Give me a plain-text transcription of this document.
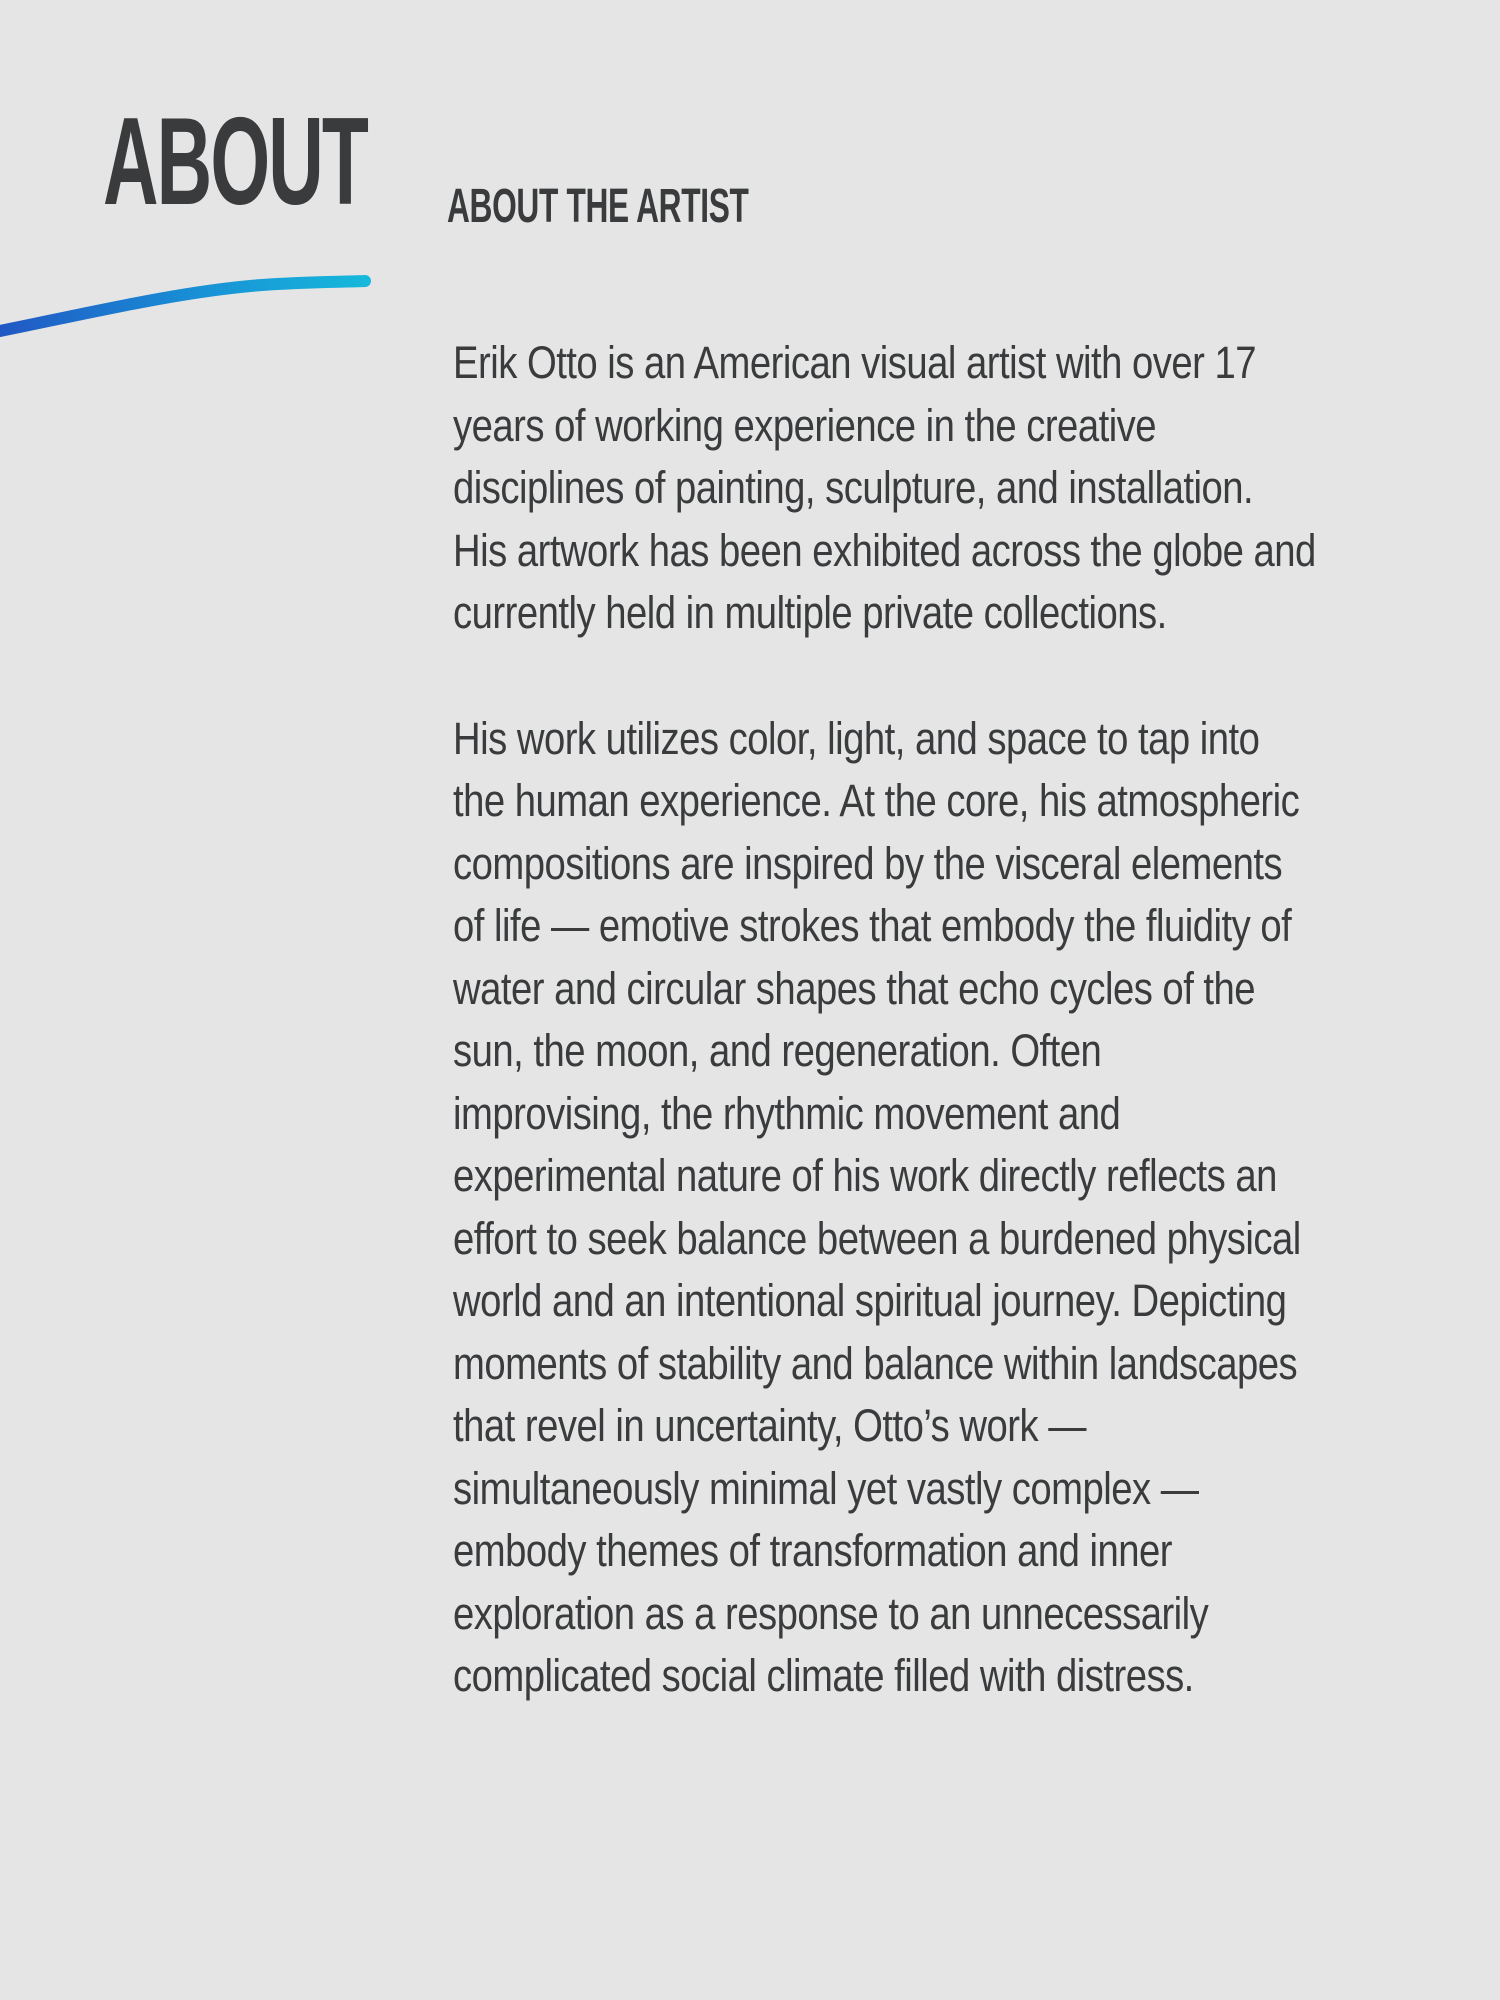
ABOUT ABOUT THE ARTIST

Erik Otto is an American visual artist with over 17
years of working experience in the creative
disciplines of painting, sculpture, and installation.
His artwork has been exhibited across the globe and
currently held in multiple private collections.

His work utilizes color, light, and space to tap into
the human experience. At the core, his atmospheric
compositions are inspired by the visceral elements
of life — emotive strokes that embody the fluidity of
water and circular shapes that echo cycles of the
sun, the moon, and regeneration. Often
improvising, the rhythmic movement and
experimental nature of his work directly reflects an
effort to seek balance between a burdened physical
world and an intentional spiritual journey. Depicting
moments of stability and balance within landscapes
that revel in uncertainty, Otto’s work —
simultaneously minimal yet vastly complex —
embody themes of transformation and inner
exploration as a response to an unnecessarily
complicated social climate filled with distress.
